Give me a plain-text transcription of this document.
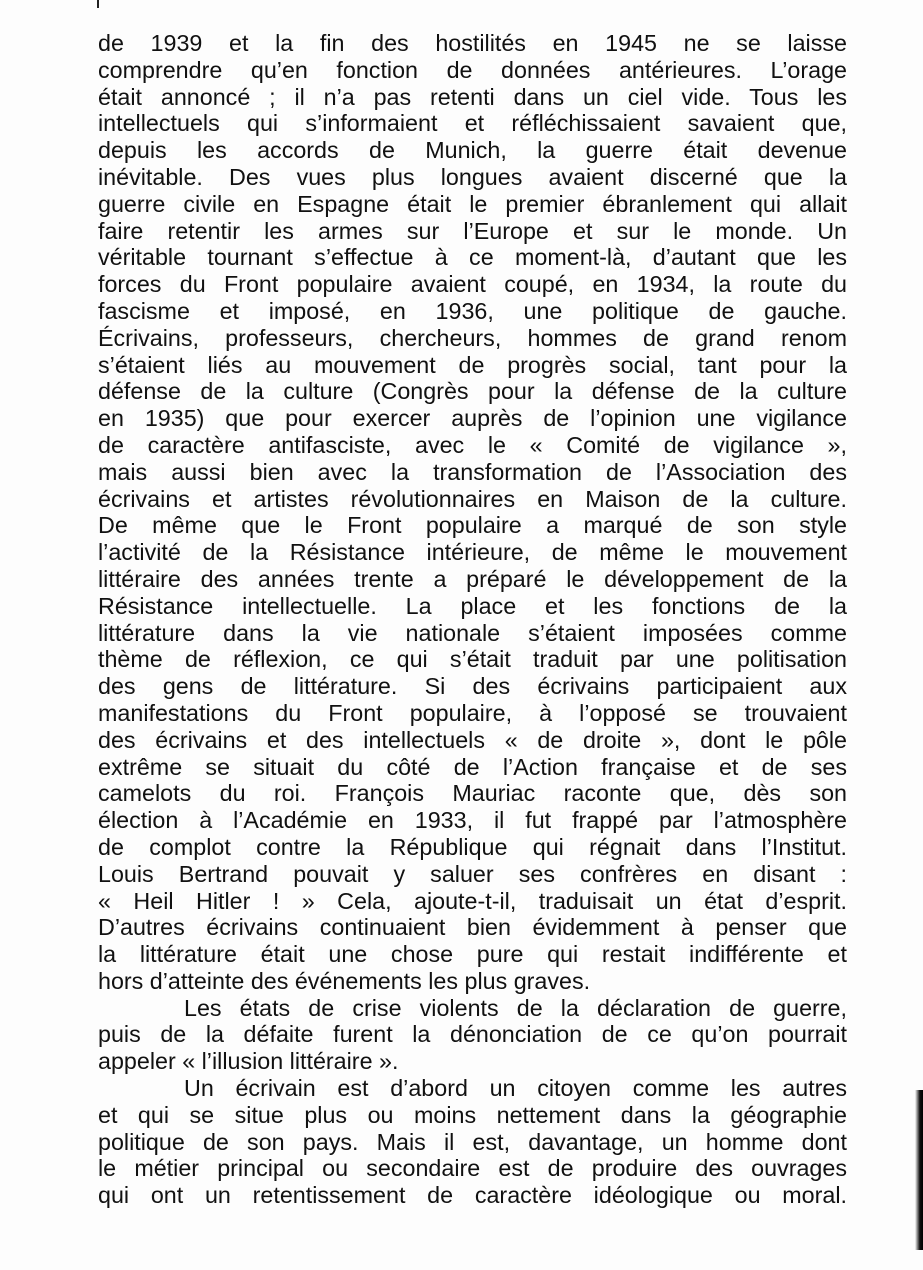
de 1939 et la fin des hostilités en 1945 ne se laisse
comprendre qu’en fonction de données antérieures. L’orage
était annoncé ; il n’a pas retenti dans un ciel vide. Tous les
intellectuels qui s’informaient et réfléchissaient savaient que,
depuis les accords de Munich, la guerre était devenue
inévitable. Des vues plus longues avaient discerné que la
guerre civile en Espagne était le premier ébranlement qui allait
faire retentir les armes sur l’Europe et sur le monde. Un
véritable tournant s’effectue à ce moment-là, d’autant que les
forces du Front populaire avaient coupé, en 1934, la route du
fascisme et imposé, en 1936, une politique de gauche.
Écrivains, professeurs, chercheurs, hommes de grand renom
s’étaient liés au mouvement de progrès social, tant pour la
défense de la culture (Congrès pour la défense de la culture
en 1935) que pour exercer auprès de l’opinion une vigilance
de caractère antifasciste, avec le « Comité de vigilance »,
mais aussi bien avec la transformation de l’Association des
écrivains et artistes révolutionnaires en Maison de la culture.
De même que le Front populaire a marqué de son style
l’activité de la Résistance intérieure, de même le mouvement
littéraire des années trente a préparé le développement de la
Résistance intellectuelle. La place et les fonctions de la
littérature dans la vie nationale s’étaient imposées comme
thème de réflexion, ce qui s’était traduit par une politisation
des gens de littérature. Si des écrivains participaient aux
manifestations du Front populaire, à l’opposé se trouvaient
des écrivains et des intellectuels « de droite », dont le pôle
extrême se situait du côté de l’Action française et de ses
camelots du roi. François Mauriac raconte que, dès son
élection à l’Académie en 1933, il fut frappé par l’atmosphère
de complot contre la République qui régnait dans l’Institut.
Louis Bertrand pouvait y saluer ses confrères en disant :
« Heil Hitler ! » Cela, ajoute-t-il, traduisait un état d’esprit.
D’autres écrivains continuaient bien évidemment à penser que
la littérature était une chose pure qui restait indifférente et
hors d’atteinte des événements les plus graves.
Les états de crise violents de la déclaration de guerre,
puis de la défaite furent la dénonciation de ce qu’on pourrait
appeler « l’illusion littéraire ».
Un écrivain est d’abord un citoyen comme les autres
et qui se situe plus ou moins nettement dans la géographie
politique de son pays. Mais il est, davantage, un homme dont
le métier principal ou secondaire est de produire des ouvrages
qui ont un retentissement de caractère idéologique ou moral.
